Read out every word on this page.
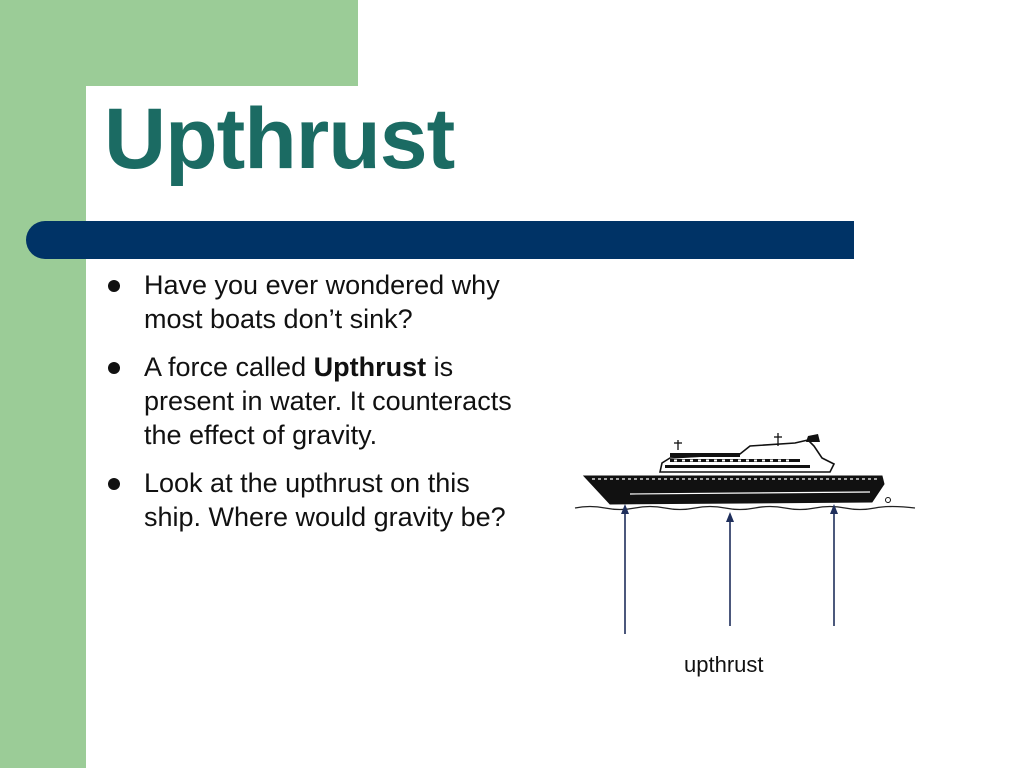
Upthrust
Have you ever wondered why most boats don’t sink?
A force called Upthrust is present in water. It counteracts the effect of gravity.
Look at the upthrust on this ship. Where would gravity be?
upthrust
